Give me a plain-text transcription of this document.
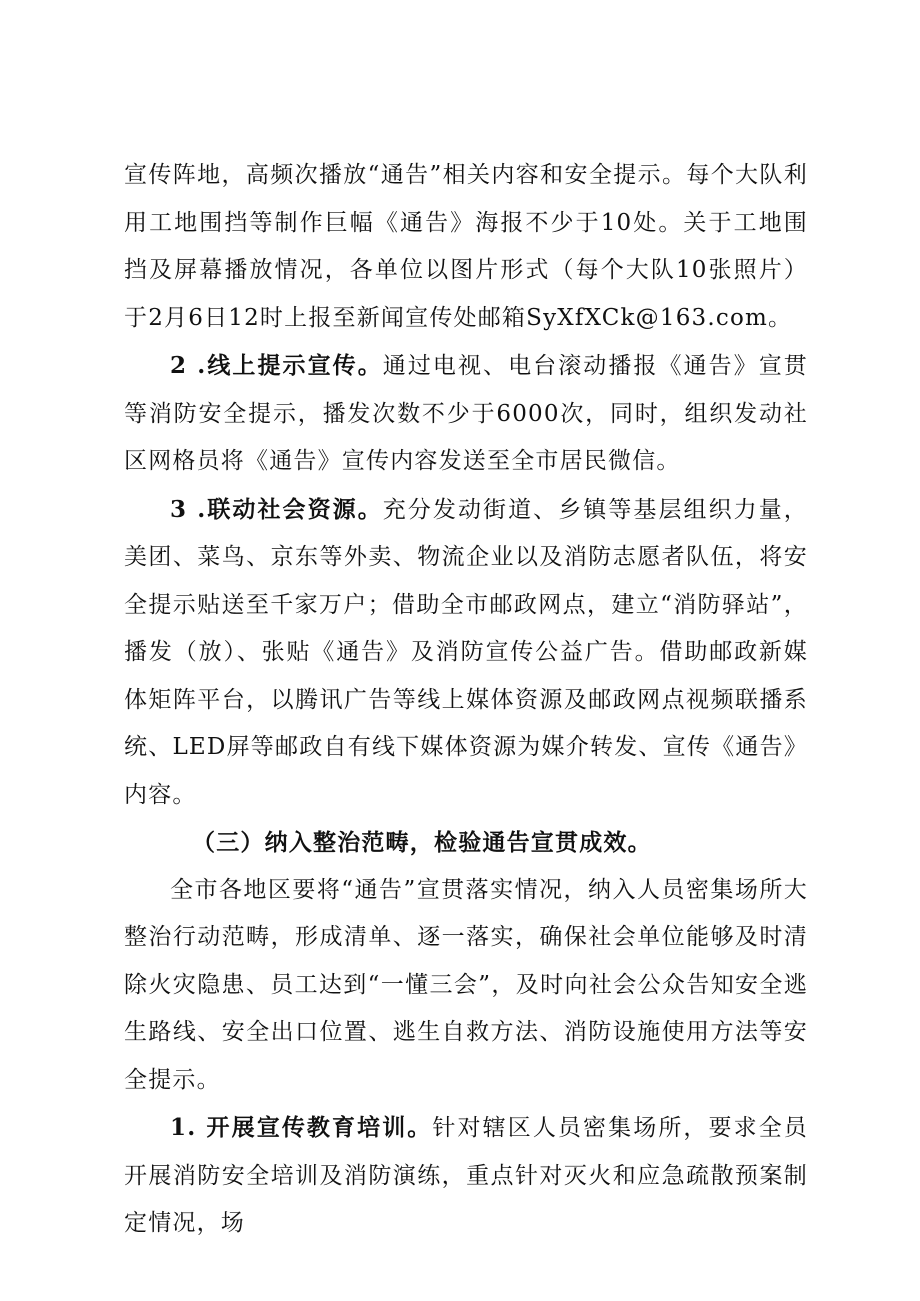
宣传阵地，高频次播放“通告”相关内容和安全提示。每个大队利用工地围挡等制作巨幅《通告》海报不少于10处。关于工地围挡及屏幕播放情况，各单位以图片形式（每个大队10张照片）于2月6日12时上报至新闻宣传处邮箱SyXfXCk@163.com。

2 .线上提示宣传。通过电视、电台滚动播报《通告》宣贯等消防安全提示，播发次数不少于6000次，同时，组织发动社区网格员将《通告》宣传内容发送至全市居民微信。

3 .联动社会资源。充分发动街道、乡镇等基层组织力量，美团、菜鸟、京东等外卖、物流企业以及消防志愿者队伍，将安全提示贴送至千家万户；借助全市邮政网点，建立“消防驿站”，播发（放）、张贴《通告》及消防宣传公益广告。借助邮政新媒体矩阵平台，以腾讯广告等线上媒体资源及邮政网点视频联播系统、LED屏等邮政自有线下媒体资源为媒介转发、宣传《通告》内容。

（三）纳入整治范畴，检验通告宣贯成效。

全市各地区要将“通告”宣贯落实情况，纳入人员密集场所大整治行动范畴，形成清单、逐一落实，确保社会单位能够及时清除火灾隐患、员工达到“一懂三会”，及时向社会公众告知安全逃生路线、安全出口位置、逃生自救方法、消防设施使用方法等安全提示。

1. 开展宣传教育培训。针对辖区人员密集场所，要求全员开展消防安全培训及消防演练，重点针对灭火和应急疏散预案制定情况，场
